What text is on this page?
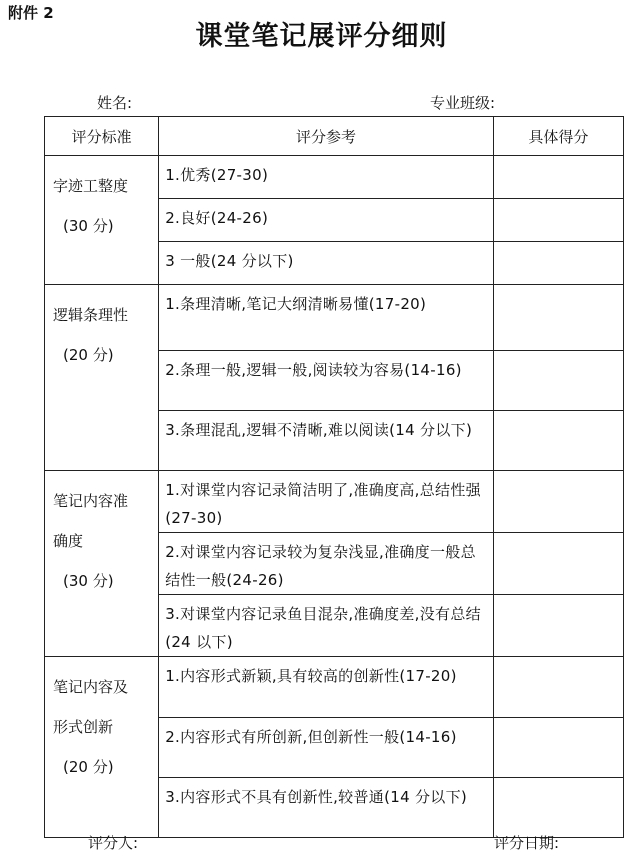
附件 2
课堂笔记展评分细则
姓名:	专业班级:
评分标准	评分参考	具体得分

字迹工整度
(30 分)	1.优秀(27-30)	
	2.良好(24-26)	
	3 一般(24 分以下)	

逻辑条理性
(20 分)	1.条理清晰,笔记大纲清晰易懂(17-20)	
	2.条理一般,逻辑一般,阅读较为容易(14-16)	
	3.条理混乱,逻辑不清晰,难以阅读(14 分以下)	

笔记内容准
确度
(30 分)	1.对课堂内容记录简洁明了,准确度高,总结性强(27-30)	
	2.对课堂内容记录较为复杂浅显,准确度一般总结性一般(24-26)	
	3.对课堂内容记录鱼目混杂,准确度差,没有总结(24 以下)	

笔记内容及
形式创新
(20 分)	1.内容形式新颖,具有较高的创新性(17-20)	
	2.内容形式有所创新,但创新性一般(14-16)	
	3.内容形式不具有创新性,较普通(14 分以下)	
评分人:	评分日期:
